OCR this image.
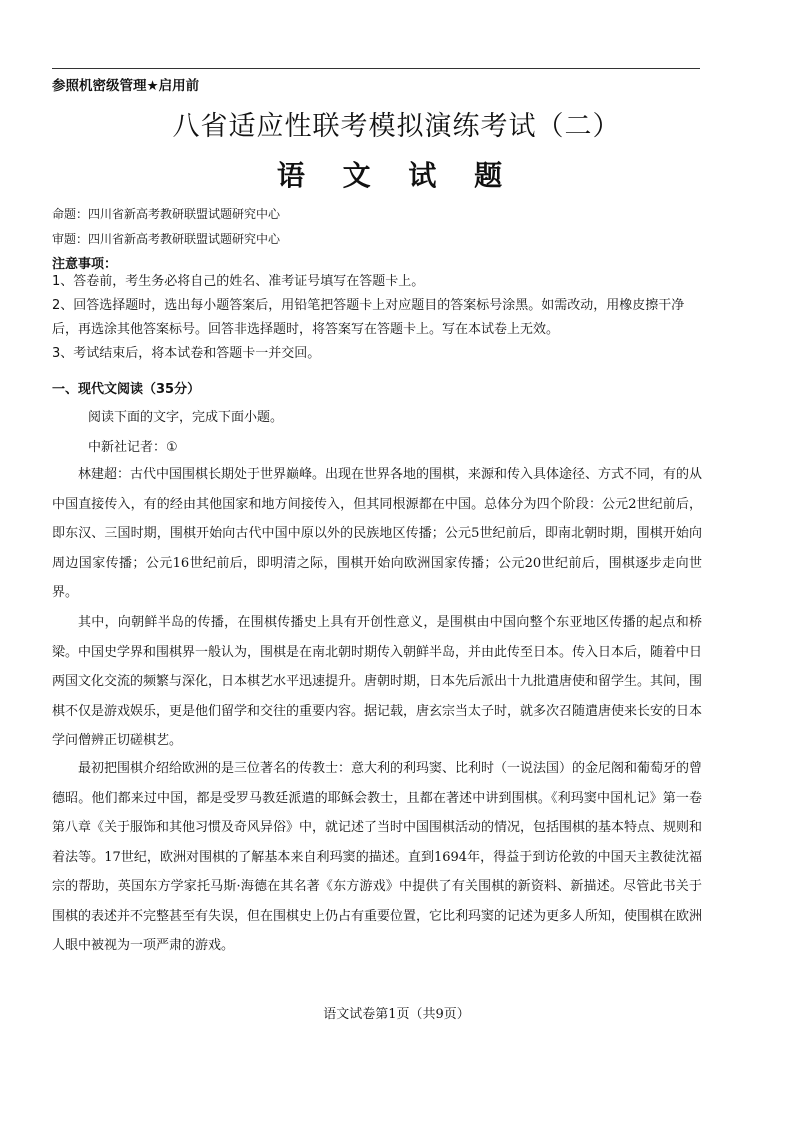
参照机密级管理★启用前
八省适应性联考模拟演练考试（二）
语 文 试 题
命题：四川省新高考教研联盟试题研究中心
审题：四川省新高考教研联盟试题研究中心
注意事项：
1、答卷前，考生务必将自己的姓名、准考证号填写在答题卡上。
2、回答选择题时，选出每小题答案后，用铅笔把答题卡上对应题目的答案标号涂黑。如需改动，用橡皮擦干净后，再选涂其他答案标号。回答非选择题时，将答案写在答题卡上。写在本试卷上无效。
3、考试结束后，将本试卷和答题卡一并交回。
一、现代文阅读（35分）
阅读下面的文字，完成下面小题。
中新社记者：①
林建超：古代中国围棋长期处于世界巅峰。出现在世界各地的围棋，来源和传入具体途径、方式不同，有的从中国直接传入，有的经由其他国家和地方间接传入，但其同根源都在中国。总体分为四个阶段：公元2世纪前后，即东汉、三国时期，围棋开始向古代中国中原以外的民族地区传播；公元5世纪前后，即南北朝时期，围棋开始向周边国家传播；公元16世纪前后，即明清之际，围棋开始向欧洲国家传播；公元20世纪前后，围棋逐步走向世界。
其中，向朝鲜半岛的传播，在围棋传播史上具有开创性意义，是围棋由中国向整个东亚地区传播的起点和桥梁。中国史学界和围棋界一般认为，围棋是在南北朝时期传入朝鲜半岛，并由此传至日本。传入日本后，随着中日两国文化交流的频繁与深化，日本棋艺水平迅速提升。唐朝时期，日本先后派出十九批遣唐使和留学生。其间，围棋不仅是游戏娱乐，更是他们留学和交往的重要内容。据记载，唐玄宗当太子时，就多次召随遣唐使来长安的日本学问僧辨正切磋棋艺。
最初把围棋介绍给欧洲的是三位著名的传教士：意大利的利玛窦、比利时（一说法国）的金尼阁和葡萄牙的曾德昭。他们都来过中国，都是受罗马教廷派遣的耶稣会教士，且都在著述中讲到围棋。《利玛窦中国札记》第一卷第八章《关于服饰和其他习惯及奇风异俗》中，就记述了当时中国围棋活动的情况，包括围棋的基本特点、规则和着法等。17世纪，欧洲对围棋的了解基本来自利玛窦的描述。直到1694年，得益于到访伦敦的中国天主教徒沈福宗的帮助，英国东方学家托马斯·海德在其名著《东方游戏》中提供了有关围棋的新资料、新描述。尽管此书关于围棋的表述并不完整甚至有失误，但在围棋史上仍占有重要位置，它比利玛窦的记述为更多人所知，使围棋在欧洲人眼中被视为一项严肃的游戏。
语文试卷第1页（共9页）
